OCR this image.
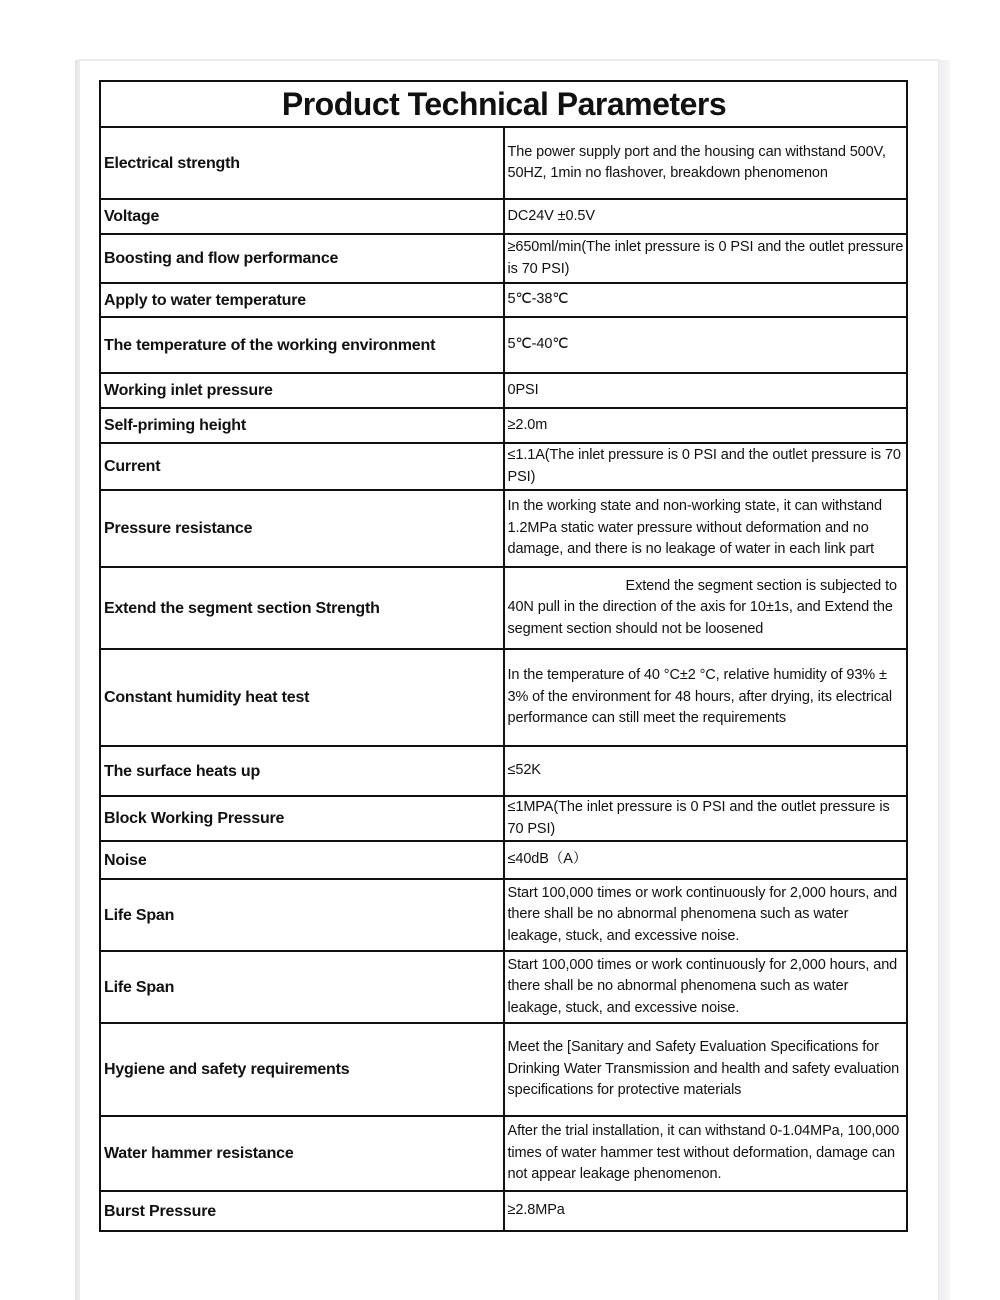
Product Technical Parameters	
Electrical strength	The power supply port and the housing can withstand 500V, 50HZ, 1min no flashover, breakdown phenomenon
Voltage	DC24V ±0.5V
Boosting and flow performance	≥650ml/min(The inlet pressure is 0 PSI and the outlet pressure is 70 PSI)
Apply to water temperature	5℃-38℃
The temperature of the working environment	5℃-40℃
Working inlet pressure	0PSI
Self-priming height	≥2.0m
Current	≤1.1A(The inlet pressure is 0 PSI and the outlet pressure is 70 PSI)
Pressure resistance	In the working state and non-working state, it can withstand 1.2MPa static water pressure without deformation and no damage, and there is no leakage of water in each link part
Extend the segment section Strength	Extend the segment section is subjected to 40N pull in the direction of the axis for 10±1s, and Extend the segment section should not be loosened
Constant humidity heat test	In the temperature of 40 °C±2 °C, relative humidity of 93% ± 3% of the environment for 48 hours, after drying, its electrical performance can still meet the requirements
The surface heats up	≤52K
Block Working Pressure	≤1MPA(The inlet pressure is 0 PSI and the outlet pressure is 70 PSI)
Noise	≤40dB（A）
Life Span	Start 100,000 times or work continuously for 2,000 hours, and there shall be no abnormal phenomena such as water leakage, stuck, and excessive noise.
Life Span	Start 100,000 times or work continuously for 2,000 hours, and there shall be no abnormal phenomena such as water leakage, stuck, and excessive noise.
Hygiene and safety requirements	Meet the [Sanitary and Safety Evaluation Specifications for Drinking Water Transmission and health and safety evaluation specifications for protective materials
Water hammer resistance	After the trial installation, it can withstand 0-1.04MPa, 100,000 times of water hammer test without deformation, damage can not appear leakage phenomenon.
Burst Pressure	≥2.8MPa
